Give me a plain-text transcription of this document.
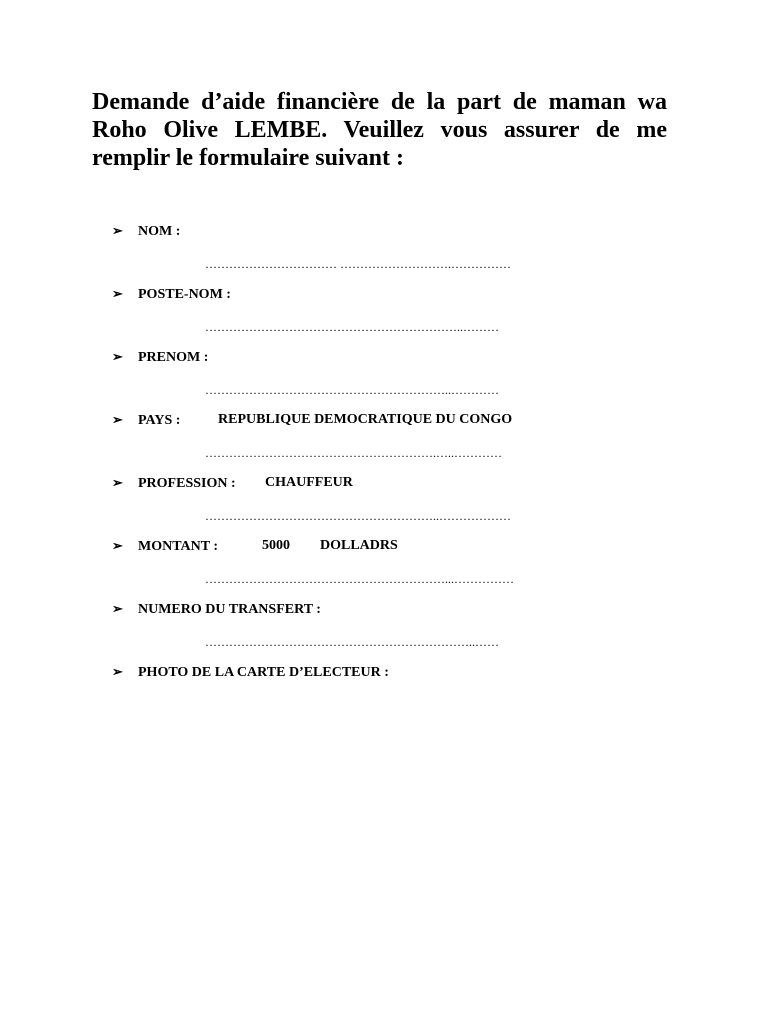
Demande d’aide financière de la part de maman wa
Roho Olive LEMBE. Veuillez vous assurer de me
remplir le formulaire suivant :
➢ NOM :
…………………………… ……………………….……………
➢ POSTE-NOM :
………………………………………………………..………
➢ PRENOM :
……………………………………………………..…………
➢ PAYS :	REPUBLIQUE DEMOCRATIQUE DU CONGO
………………………………………………….…..…………
➢ PROFESSION : CHAUFFEUR
…………………………………………………..………………
➢ MONTANT :	5000 DOLLADRS
……………………………………………………...……………
➢ NUMERO DU TRANSFERT :
…………………………………………………………..……
➢ PHOTO DE LA CARTE D’ELECTEUR :
